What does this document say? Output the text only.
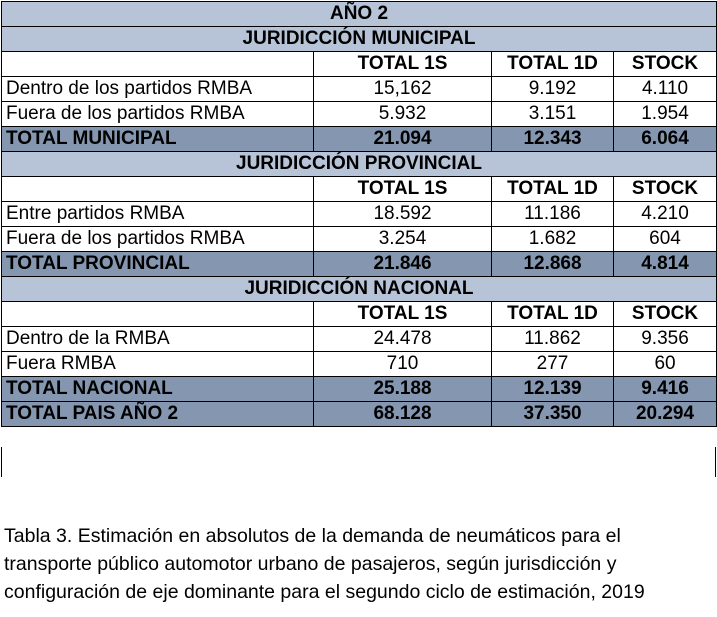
AÑO 2			
JURIDICCIÓN MUNICIPAL			
	TOTAL 1S	TOTAL 1D	STOCK
Dentro de los partidos RMBA	15,162	9.192	4.110
Fuera de los partidos RMBA	5.932	3.151	1.954
TOTAL MUNICIPAL	21.094	12.343	6.064
JURIDICCIÓN PROVINCIAL			
	TOTAL 1S	TOTAL 1D	STOCK
Entre partidos RMBA	18.592	11.186	4.210
Fuera de los partidos RMBA	3.254	1.682	604
TOTAL PROVINCIAL	21.846	12.868	4.814
JURIDICCIÓN NACIONAL			
	TOTAL 1S	TOTAL 1D	STOCK
Dentro de la RMBA	24.478	11.862	9.356
Fuera RMBA	710	277	60
TOTAL NACIONAL	25.188	12.139	9.416
TOTAL PAIS AÑO 2	68.128	37.350	20.294

Tabla 3. Estimación en absolutos de la demanda de neumáticos para el transporte público automotor urbano de pasajeros, según jurisdicción y configuración de eje dominante para el segundo ciclo de estimación, 2019
